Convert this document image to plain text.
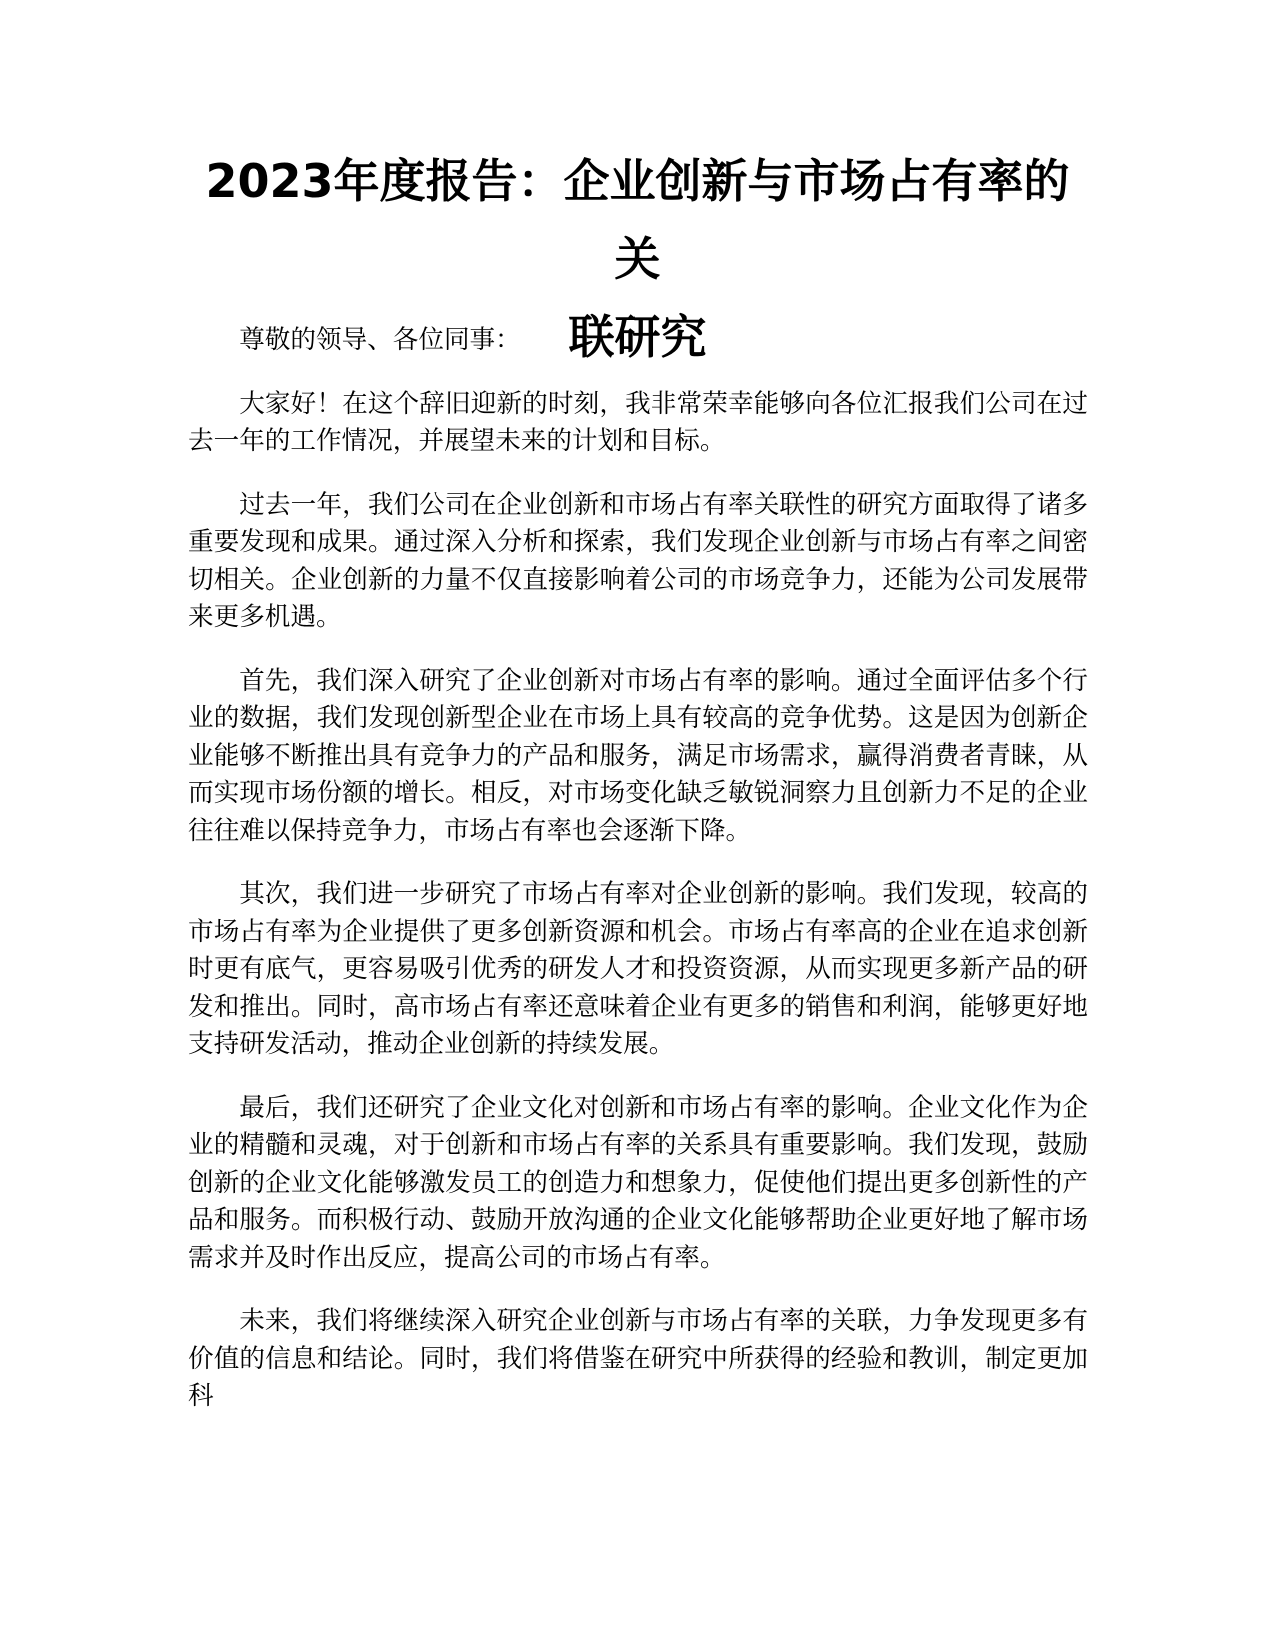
2023年度报告：企业创新与市场占有率的关
联研究

尊敬的领导、各位同事：

大家好！在这个辞旧迎新的时刻，我非常荣幸能够向各位汇报我们公司在过去一年的工作情况，并展望未来的计划和目标。

过去一年，我们公司在企业创新和市场占有率关联性的研究方面取得了诸多重要发现和成果。通过深入分析和探索，我们发现企业创新与市场占有率之间密切相关。企业创新的力量不仅直接影响着公司的市场竞争力，还能为公司发展带来更多机遇。

首先，我们深入研究了企业创新对市场占有率的影响。通过全面评估多个行业的数据，我们发现创新型企业在市场上具有较高的竞争优势。这是因为创新企业能够不断推出具有竞争力的产品和服务，满足市场需求，赢得消费者青睐，从而实现市场份额的增长。相反，对市场变化缺乏敏锐洞察力且创新力不足的企业往往难以保持竞争力，市场占有率也会逐渐下降。

其次，我们进一步研究了市场占有率对企业创新的影响。我们发现，较高的市场占有率为企业提供了更多创新资源和机会。市场占有率高的企业在追求创新时更有底气，更容易吸引优秀的研发人才和投资资源，从而实现更多新产品的研发和推出。同时，高市场占有率还意味着企业有更多的销售和利润，能够更好地支持研发活动，推动企业创新的持续发展。

最后，我们还研究了企业文化对创新和市场占有率的影响。企业文化作为企业的精髓和灵魂，对于创新和市场占有率的关系具有重要影响。我们发现，鼓励创新的企业文化能够激发员工的创造力和想象力，促使他们提出更多创新性的产品和服务。而积极行动、鼓励开放沟通的企业文化能够帮助企业更好地了解市场需求并及时作出反应，提高公司的市场占有率。

未来，我们将继续深入研究企业创新与市场占有率的关联，力争发现更多有价值的信息和结论。同时，我们将借鉴在研究中所获得的经验和教训，制定更加科
